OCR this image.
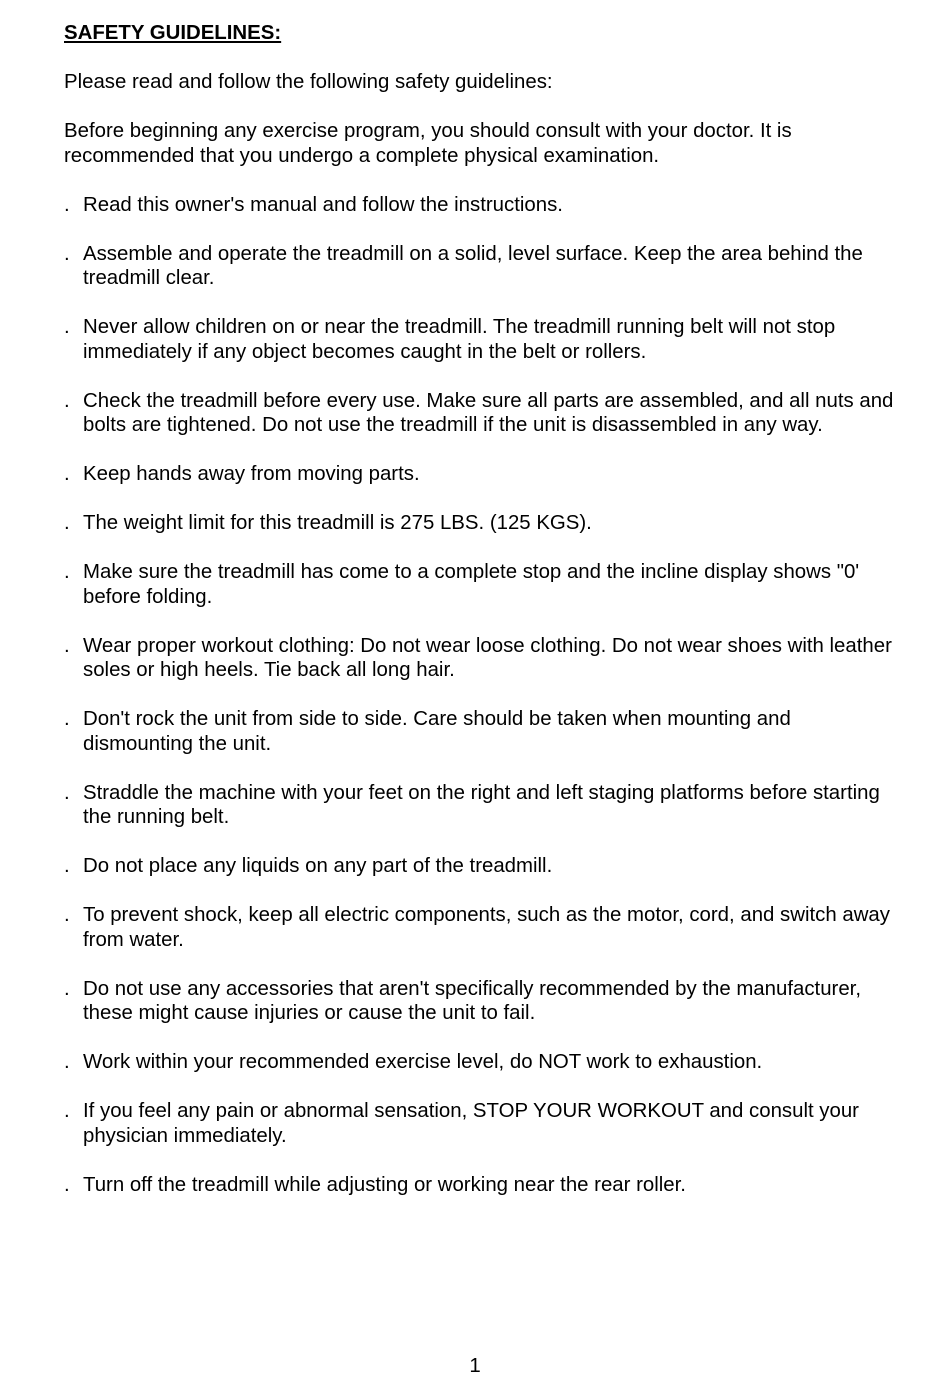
SAFETY GUIDELINES:

Please read and follow the following safety guidelines:

Before beginning any exercise program, you should consult with your doctor. It is recommended that you undergo a complete physical examination.

. Read this owner's manual and follow the instructions.
. Assemble and operate the treadmill on a solid, level surface. Keep the area behind the treadmill clear.
. Never allow children on or near the treadmill. The treadmill running belt will not stop immediately if any object becomes caught in the belt or rollers.
. Check the treadmill before every use. Make sure all parts are assembled, and all nuts and bolts are tightened. Do not use the treadmill if the unit is disassembled in any way.
. Keep hands away from moving parts.
. The weight limit for this treadmill is 275 LBS. (125 KGS).
. Make sure the treadmill has come to a complete stop and the incline display shows "0' before folding.
. Wear proper workout clothing: Do not wear loose clothing. Do not wear shoes with leather soles or high heels. Tie back all long hair.
. Don't rock the unit from side to side. Care should be taken when mounting and dismounting the unit.
. Straddle the machine with your feet on the right and left staging platforms before starting the running belt.
. Do not place any liquids on any part of the treadmill.
. To prevent shock, keep all electric components, such as the motor, cord, and switch away from water.
. Do not use any accessories that aren't specifically recommended by the manufacturer, these might cause injuries or cause the unit to fail.
. Work within your recommended exercise level, do NOT work to exhaustion.
. If you feel any pain or abnormal sensation, STOP YOUR WORKOUT and consult your physician immediately.
. Turn off the treadmill while adjusting or working near the rear roller.
1
